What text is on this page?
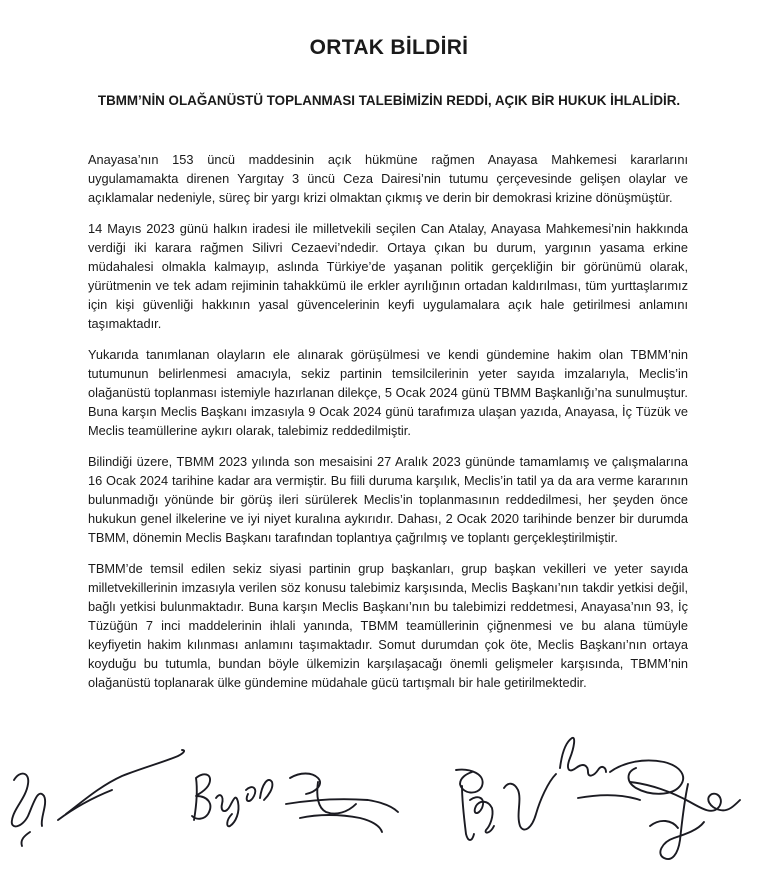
ORTAK BİLDİRİ
TBMM’NİN OLAĞANÜSTÜ TOPLANMASI TALEBİMİZİN REDDİ, AÇIK BİR HUKUK İHLALİDİR.

Anayasa’nın 153 üncü maddesinin açık hükmüne rağmen Anayasa Mahkemesi kararlarını uygulamamakta direnen Yargıtay 3 üncü Ceza Dairesi’nin tutumu çerçevesinde gelişen olaylar ve açıklamalar nedeniyle, süreç bir yargı krizi olmaktan çıkmış ve derin bir demokrasi krizine dönüşmüştür.

14 Mayıs 2023 günü halkın iradesi ile milletvekili seçilen Can Atalay, Anayasa Mahkemesi’nin hakkında verdiği iki karara rağmen Silivri Cezaevi’ndedir. Ortaya çıkan bu durum, yargının yasama erkine müdahalesi olmakla kalmayıp, aslında Türkiye’de yaşanan politik gerçekliğin bir görünümü olarak, yürütmenin ve tek adam rejiminin tahakkümü ile erkler ayrılığının ortadan kaldırılması, tüm yurttaşlarımız için kişi güvenliği hakkının yasal güvencelerinin keyfi uygulamalara açık hale getirilmesi anlamını taşımaktadır.

Yukarıda tanımlanan olayların ele alınarak görüşülmesi ve kendi gündemine hakim olan TBMM’nin tutumunun belirlenmesi amacıyla, sekiz partinin temsilcilerinin yeter sayıda imzalarıyla, Meclis’in olağanüstü toplanması istemiyle hazırlanan dilekçe, 5 Ocak 2024 günü TBMM Başkanlığı’na sunulmuştur. Buna karşın Meclis Başkanı imzasıyla 9 Ocak 2024 günü tarafımıza ulaşan yazıda, Anayasa, İç Tüzük ve Meclis teamüllerine aykırı olarak, talebimiz reddedilmiştir.

Bilindiği üzere, TBMM 2023 yılında son mesaisini 27 Aralık 2023 gününde tamamlamış ve çalışmalarına 16 Ocak 2024 tarihine kadar ara vermiştir. Bu fiili duruma karşılık, Meclis’in tatil ya da ara verme kararının bulunmadığı yönünde bir görüş ileri sürülerek Meclis’in toplanmasının reddedilmesi, her şeyden önce hukukun genel ilkelerine ve iyi niyet kuralına aykırıdır. Dahası, 2 Ocak 2020 tarihinde benzer bir durumda TBMM, dönemin Meclis Başkanı tarafından toplantıya çağrılmış ve toplantı gerçekleştirilmiştir.

TBMM’de temsil edilen sekiz siyasi partinin grup başkanları, grup başkan vekilleri ve yeter sayıda milletvekillerinin imzasıyla verilen söz konusu talebimiz karşısında, Meclis Başkanı’nın takdir yetkisi değil, bağlı yetkisi bulunmaktadır. Buna karşın Meclis Başkanı’nın bu talebimizi reddetmesi, Anayasa’nın 93, İç Tüzüğün 7 inci maddelerinin ihlali yanında, TBMM teamüllerinin çiğnenmesi ve bu alana tümüyle keyfiyetin hakim kılınması anlamını taşımaktadır. Somut durumdan çok öte, Meclis Başkanı’nın ortaya koyduğu bu tutumla, bundan böyle ülkemizin karşılaşacağı önemli gelişmeler karşısında, TBMM’nin olağanüstü toplanarak ülke gündemine müdahale gücü tartışmalı bir hale getirilmektedir.
